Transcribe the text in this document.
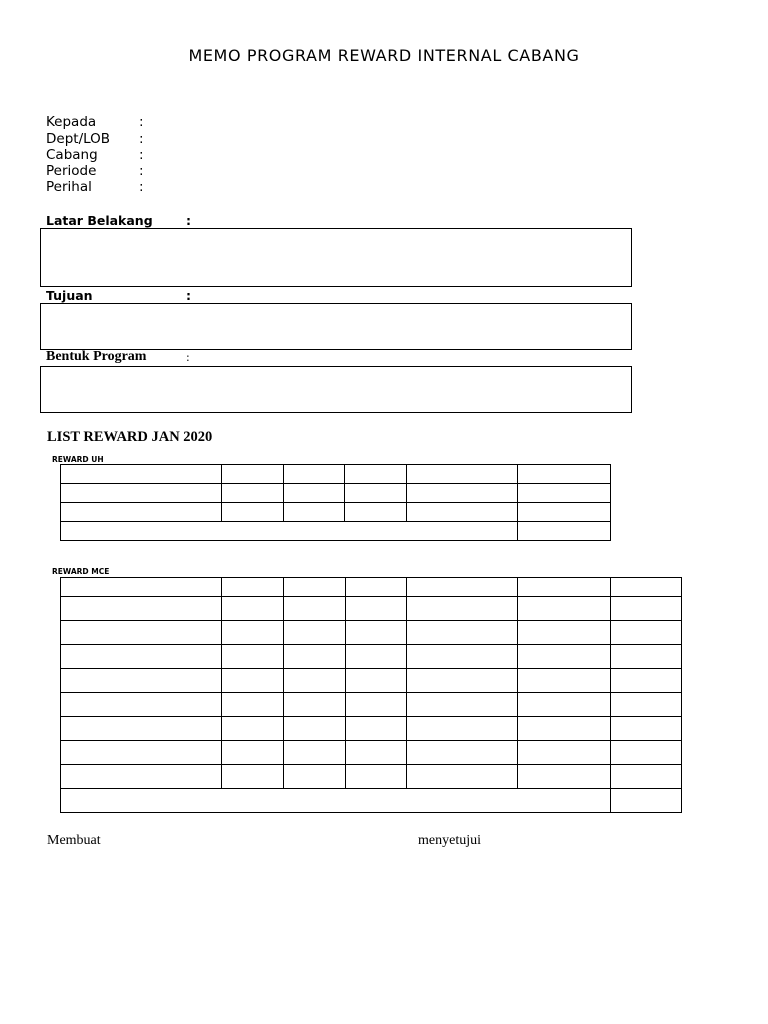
MEMO PROGRAM REWARD INTERNAL CABANG
Kepada	:
Dept/LOB :
Cabang	:
Periode	:
Perihal	:
Latar Belakang	:
Tujuan	:
Bentuk Program	:
LIST REWARD JAN 2020
REWARD UH

REWARD MCE

Membuat	menyetujui
